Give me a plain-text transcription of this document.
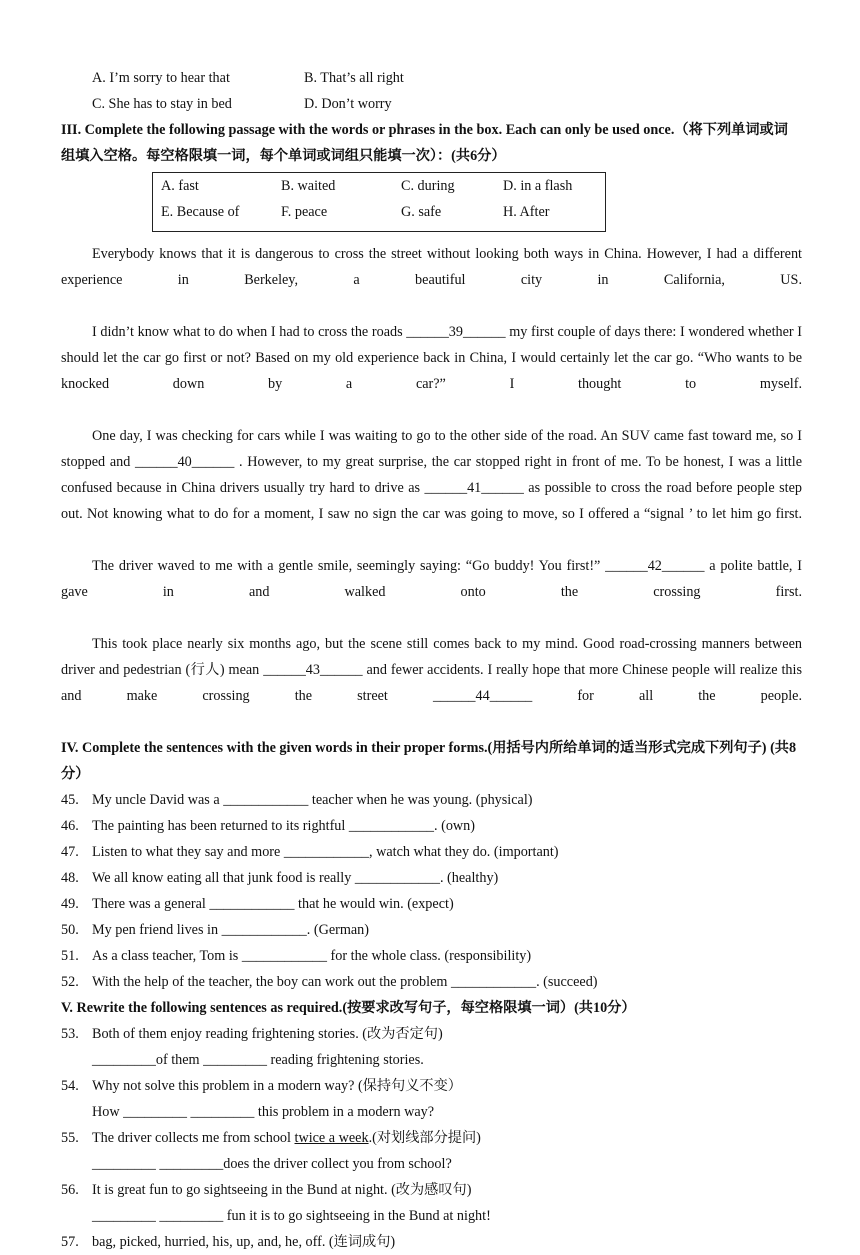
A. I’m sorry to hear that	B. That’s all right
C. She has to stay in bed	D. Don’t worry
III. Complete the following passage with the words or phrases in the box. Each can only be used once.（将下列单词或词组填入空格。每空格限填一词，每个单词或词组只能填一次）：(共6分）
A. fast	B. waited	C. during	D. in a flash
E. Because of	F. peace	G. safe	H. After

Everybody knows that it is dangerous to cross the street without looking both ways in China. However, I had a different experience in Berkeley, a beautiful city in California, US.

I didn’t know what to do when I had to cross the roads ______39______ my first couple of days there: I wondered whether I should let the car go first or not? Based on my old experience back in China, I would certainly let the car go. “Who wants to be knocked down by a car?” I thought to myself.

One day, I was checking for cars while I was waiting to go to the other side of the road. An SUV came fast toward me, so I stopped and ______40______ . However, to my great surprise, the car stopped right in front of me. To be honest, I was a little confused because in China drivers usually try hard to drive as ______41______ as possible to cross the road before people step out. Not knowing what to do for a moment, I saw no sign the car was going to move, so I offered a “signal ’ to let him go first.

The driver waved to me with a gentle smile, seemingly saying: “Go buddy! You first!” ______42______ a polite battle, I gave in and walked onto the crossing first.

This took place nearly six months ago, but the scene still comes back to my mind. Good road-crossing manners between driver and pedestrian (行人) mean ______43______ and fewer accidents. I really hope that more Chinese people will realize this and make crossing the street ______44______ for all the people.

IV. Complete the sentences with the given words in their proper forms.(用括号内所给单词的适当形式完成下列句子) (共8分）
45. My uncle David was a ____________ teacher when he was young. (physical)
46. The painting has been returned to its rightful ____________. (own)
47. Listen to what they say and more ____________, watch what they do. (important)
48. We all know eating all that junk food is really ____________. (healthy)
49. There was a general ____________ that he would win. (expect)
50. My pen friend lives in ____________. (German)
51. As a class teacher, Tom is ____________ for the whole class. (responsibility)
52. With the help of the teacher, the boy can work out the problem ____________. (succeed)
V. Rewrite the following sentences as required.(按要求改写句子，每空格限填一词）(共10分）
53. Both of them enjoy reading frightening stories. (改为否定句)
_________of them _________ reading frightening stories.
54. Why not solve this problem in a modern way? (保持句义不变）
How _________ _________ this problem in a modern way?
55. The driver collects me from school twice a week.(对划线部分提问)
_________ _________does the driver collect you from school?
56. It is great fun to go sightseeing in the Bund at night. (改为感叹句)
_________ _________ fun it is to go sightseeing in the Bund at night!
57. bag, picked, hurried, his, up, and, he, off. (连词成句)
